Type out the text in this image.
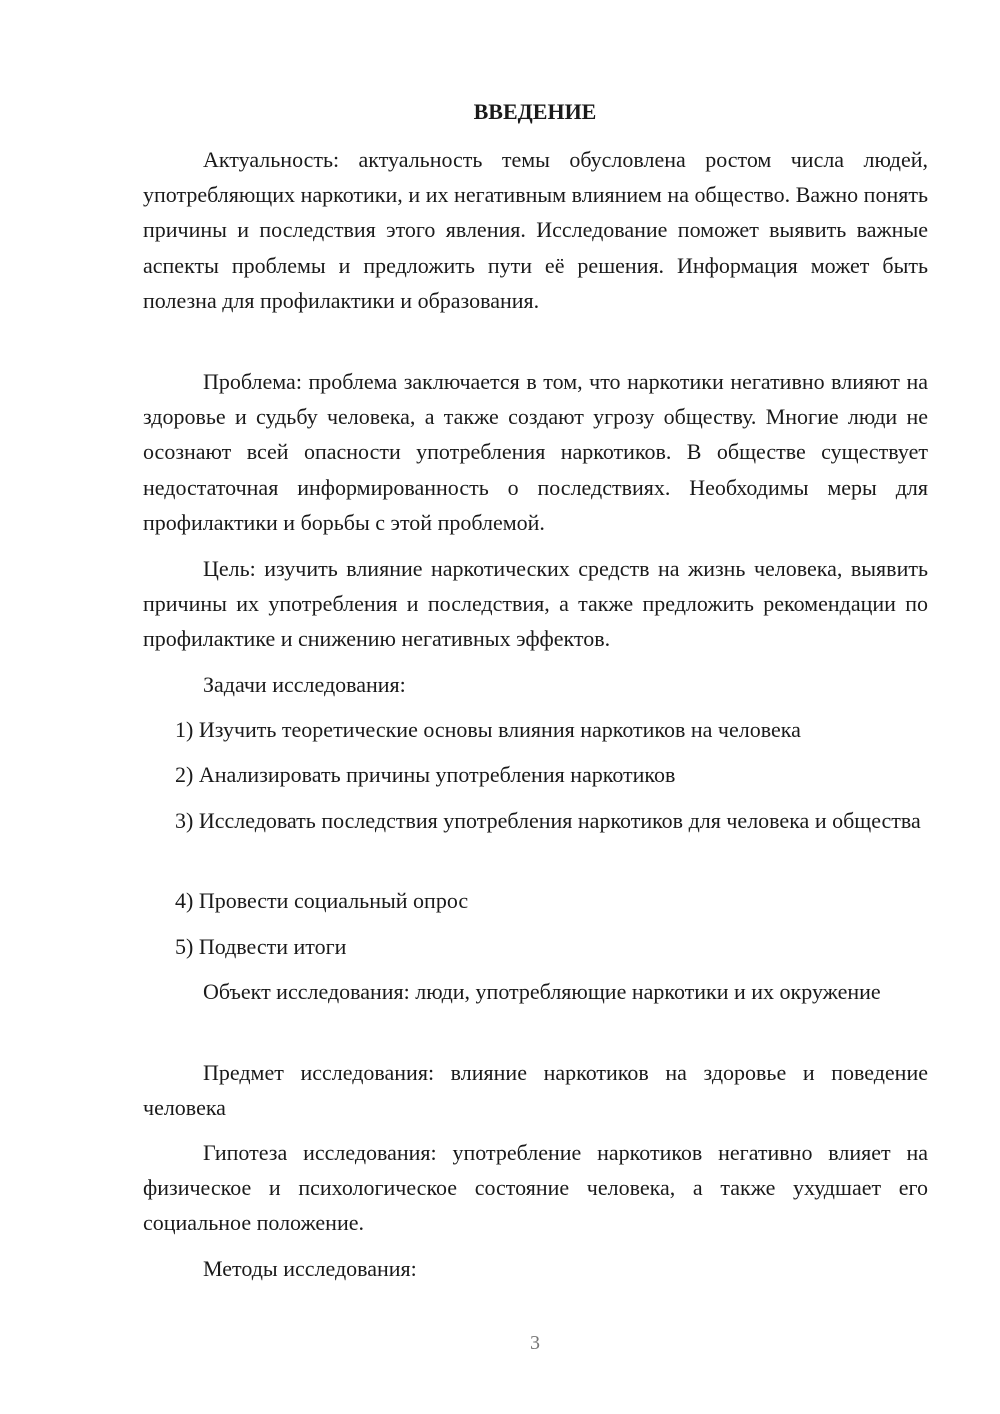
ВВЕДЕНИЕ
Актуальность: актуальность темы обусловлена ростом числа людей, употребляющих наркотики, и их негативным влиянием на общество. Важно понять причины и последствия этого явления. Исследование поможет выявить важные аспекты проблемы и предложить пути её решения. Информация может быть полезна для профилактики и образования.
Проблема: проблема заключается в том, что наркотики негативно влияют на здоровье и судьбу человека, а также создают угрозу обществу. Многие люди не осознают всей опасности употребления наркотиков. В обществе существует недостаточная информированность о последствиях. Необходимы меры для профилактики и борьбы с этой проблемой.
Цель: изучить влияние наркотических средств на жизнь человека, выявить причины их употребления и последствия, а также предложить рекомендации по профилактике и снижению негативных эффектов.
Задачи исследования:
1) Изучить теоретические основы влияния наркотиков на человека
2) Анализировать причины употребления наркотиков
3) Исследовать последствия употребления наркотиков для человека и общества
4) Провести социальный опрос
5) Подвести итоги
Объект исследования: люди, употребляющие наркотики и их окружение
Предмет исследования: влияние наркотиков на здоровье и поведение человека
Гипотеза исследования: употребление наркотиков негативно влияет на физическое и психологическое состояние человека, а также ухудшает его социальное положение.
Методы исследования:
3
